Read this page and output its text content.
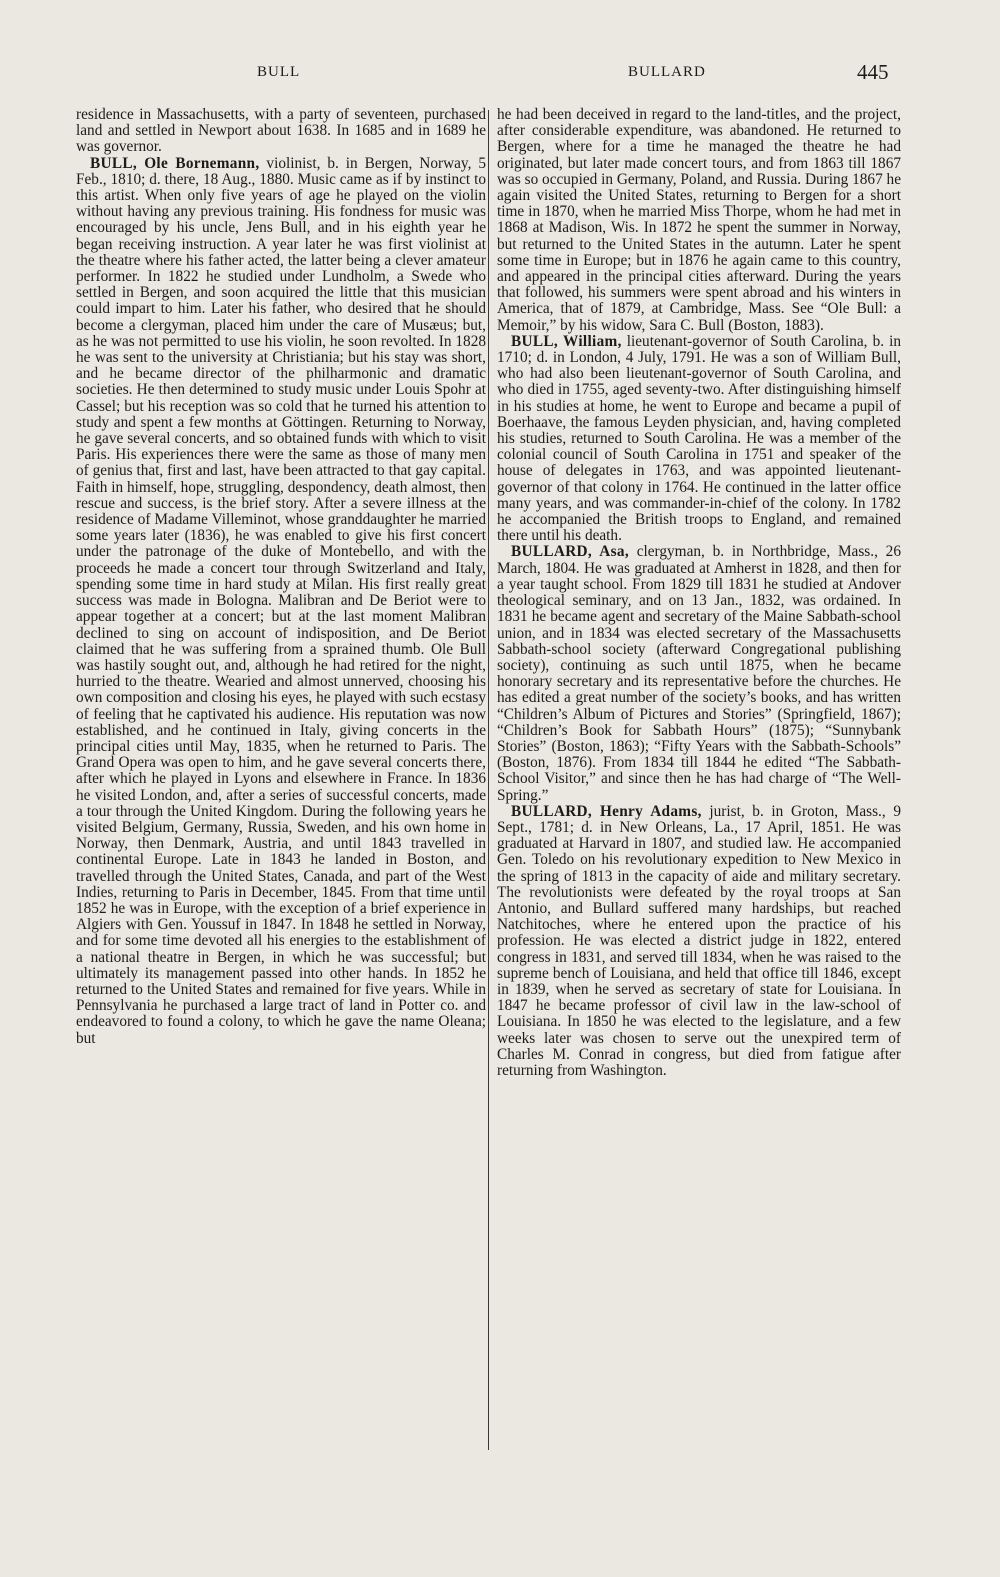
BULL	BULLARD	445

residence in Massachusetts, with a party of seventeen, purchased land and settled in Newport about 1638. In 1685 and in 1689 he was governor.

BULL, Ole Bornemann, violinist, b. in Bergen, Norway, 5 Feb., 1810; d. there, 18 Aug., 1880. Music came as if by instinct to this artist. When only five years of age he played on the violin without having any previous training. His fondness for music was encouraged by his uncle, Jens Bull, and in his eighth year he began receiving instruction. A year later he was first violinist at the theatre where his father acted, the latter being a clever amateur performer. In 1822 he studied under Lundholm, a Swede who settled in Bergen, and soon acquired the little that this musician could impart to him. Later his father, who desired that he should become a clergyman, placed him under the care of Musæus; but, as he was not permitted to use his violin, he soon revolted. In 1828 he was sent to the university at Christiania; but his stay was short, and he became director of the philharmonic and dramatic societies. He then determined to study music under Louis Spohr at Cassel; but his reception was so cold that he turned his attention to study and spent a few months at Göttingen. Returning to Norway, he gave several concerts, and so obtained funds with which to visit Paris. His experiences there were the same as those of many men of genius that, first and last, have been attracted to that gay capital. Faith in himself, hope, struggling, despondency, death almost, then rescue and success, is the brief story. After a severe illness at the residence of Madame Villeminot, whose granddaughter he married some years later (1836), he was enabled to give his first concert under the patronage of the duke of Montebello, and with the proceeds he made a concert tour through Switzerland and Italy, spending some time in hard study at Milan. His first really great success was made in Bologna. Malibran and De Beriot were to appear together at a concert; but at the last moment Malibran declined to sing on account of indisposition, and De Beriot claimed that he was suffering from a sprained thumb. Ole Bull was hastily sought out, and, although he had retired for the night, hurried to the theatre. Wearied and almost unnerved, choosing his own composition and closing his eyes, he played with such ecstasy of feeling that he captivated his audience. His reputation was now established, and he continued in Italy, giving concerts in the principal cities until May, 1835, when he returned to Paris. The Grand Opera was open to him, and he gave several concerts there, after which he played in Lyons and elsewhere in France. In 1836 he visited London, and, after a series of successful concerts, made a tour through the United Kingdom. During the following years he visited Belgium, Germany, Russia, Sweden, and his own home in Norway, then Denmark, Austria, and until 1843 travelled in continental Europe. Late in 1843 he landed in Boston, and travelled through the United States, Canada, and part of the West Indies, returning to Paris in December, 1845. From that time until 1852 he was in Europe, with the exception of a brief experience in Algiers with Gen. Youssuf in 1847. In 1848 he settled in Norway, and for some time devoted all his energies to the establishment of a national theatre in Bergen, in which he was successful; but ultimately its management passed into other hands. In 1852 he returned to the United States and remained for five years. While in Pennsylvania he purchased a large tract of land in Potter co. and endeavored to found a colony, to which he gave the name Oleana; but

he had been deceived in regard to the land-titles, and the project, after considerable expenditure, was abandoned. He returned to Bergen, where for a time he managed the theatre he had originated, but later made concert tours, and from 1863 till 1867 was so occupied in Germany, Poland, and Russia. During 1867 he again visited the United States, returning to Bergen for a short time in 1870, when he married Miss Thorpe, whom he had met in 1868 at Madison, Wis. In 1872 he spent the summer in Norway, but returned to the United States in the autumn. Later he spent some time in Europe; but in 1876 he again came to this country, and appeared in the principal cities afterward. During the years that followed, his summers were spent abroad and his winters in America, that of 1879, at Cambridge, Mass. See “Ole Bull: a Memoir,” by his widow, Sara C. Bull (Boston, 1883).

BULL, William, lieutenant-governor of South Carolina, b. in 1710; d. in London, 4 July, 1791. He was a son of William Bull, who had also been lieutenant-governor of South Carolina, and who died in 1755, aged seventy-two. After distinguishing himself in his studies at home, he went to Europe and became a pupil of Boerhaave, the famous Leyden physician, and, having completed his studies, returned to South Carolina. He was a member of the colonial council of South Carolina in 1751 and speaker of the house of delegates in 1763, and was appointed lieutenant-governor of that colony in 1764. He continued in the latter office many years, and was commander-in-chief of the colony. In 1782 he accompanied the British troops to England, and remained there until his death.

BULLARD, Asa, clergyman, b. in Northbridge, Mass., 26 March, 1804. He was graduated at Amherst in 1828, and then for a year taught school. From 1829 till 1831 he studied at Andover theological seminary, and on 13 Jan., 1832, was ordained. In 1831 he became agent and secretary of the Maine Sabbath-school union, and in 1834 was elected secretary of the Massachusetts Sabbath-school society (afterward Congregational publishing society), continuing as such until 1875, when he became honorary secretary and its representative before the churches. He has edited a great number of the society’s books, and has written “Children’s Album of Pictures and Stories” (Springfield, 1867); “Children’s Book for Sabbath Hours” (1875); “Sunnybank Stories” (Boston, 1863); “Fifty Years with the Sabbath-Schools” (Boston, 1876). From 1834 till 1844 he edited “The Sabbath-School Visitor,” and since then he has had charge of “The Well-Spring.”

BULLARD, Henry Adams, jurist, b. in Groton, Mass., 9 Sept., 1781; d. in New Orleans, La., 17 April, 1851. He was graduated at Harvard in 1807, and studied law. He accompanied Gen. Toledo on his revolutionary expedition to New Mexico in the spring of 1813 in the capacity of aide and military secretary. The revolutionists were defeated by the royal troops at San Antonio, and Bullard suffered many hardships, but reached Natchitoches, where he entered upon the practice of his profession. He was elected a district judge in 1822, entered congress in 1831, and served till 1834, when he was raised to the supreme bench of Louisiana, and held that office till 1846, except in 1839, when he served as secretary of state for Louisiana. In 1847 he became professor of civil law in the law-school of Louisiana. In 1850 he was elected to the legislature, and a few weeks later was chosen to serve out the unexpired term of Charles M. Conrad in congress, but died from fatigue after returning from Washington.
